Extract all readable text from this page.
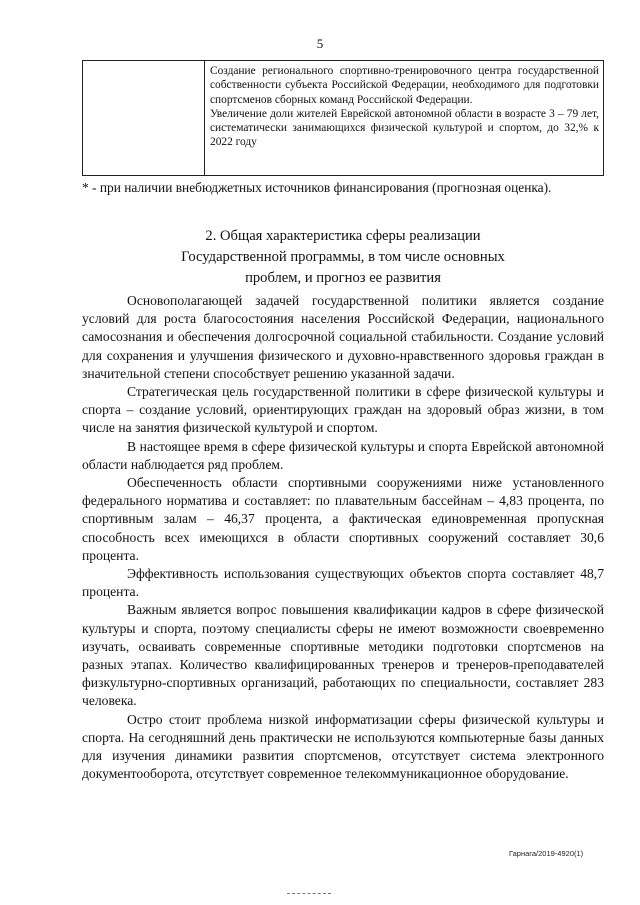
5

Создание регионального спортивно-тренировочного центра государственной собственности субъекта Российской Федерации, необходимого для подготовки спортсменов сборных команд Российской Федерации.

Увеличение доли жителей Еврейской автономной области в возрасте 3 – 79 лет, систематически занимающихся физической культурой и спортом, до 32,% к 2022 году

* - при наличии внебюджетных источников финансирования (прогнозная оценка).
2. Общая характеристика сферы реализации
Государственной программы, в том числе основных
проблем, и прогноз ее развития

Основополагающей задачей государственной политики является создание условий для роста благосостояния населения Российской Федерации, национального самосознания и обеспечения долгосрочной социальной стабильности. Создание условий для сохранения и улучшения физического и духовно-нравственного здоровья граждан в значительной степени способствует решению указанной задачи.

Стратегическая цель государственной политики в сфере физической культуры и спорта – создание условий, ориентирующих граждан на здоровый образ жизни, в том числе на занятия физической культурой и спортом.

В настоящее время в сфере физической культуры и спорта Еврейской автономной области наблюдается ряд проблем.

Обеспеченность области спортивными сооружениями ниже установленного федерального норматива и составляет: по плавательным бассейнам – 4,83 процента, по спортивным залам – 46,37 процента, а фактическая единовременная пропускная способность всех имеющихся в области спортивных сооружений составляет 30,6 процента.

Эффективность использования существующих объектов спорта составляет 48,7 процента.

Важным является вопрос повышения квалификации кадров в сфере физической культуры и спорта, поэтому специалисты сферы не имеют возможности своевременно изучать, осваивать современные спортивные методики подготовки спортсменов на разных этапах. Количество квалифицированных тренеров и тренеров-преподавателей физкультурно-спортивных организаций, работающих по специальности, составляет 283 человека.

Остро стоит проблема низкой информатизации сферы физической культуры и спорта. На сегодняшний день практически не используются компьютерные базы данных для изучения динамики развития спортсменов, отсутствует система электронного документооборота, отсутствует современное телекоммуникационное оборудование.

Гарнага/2019-4920(1)
